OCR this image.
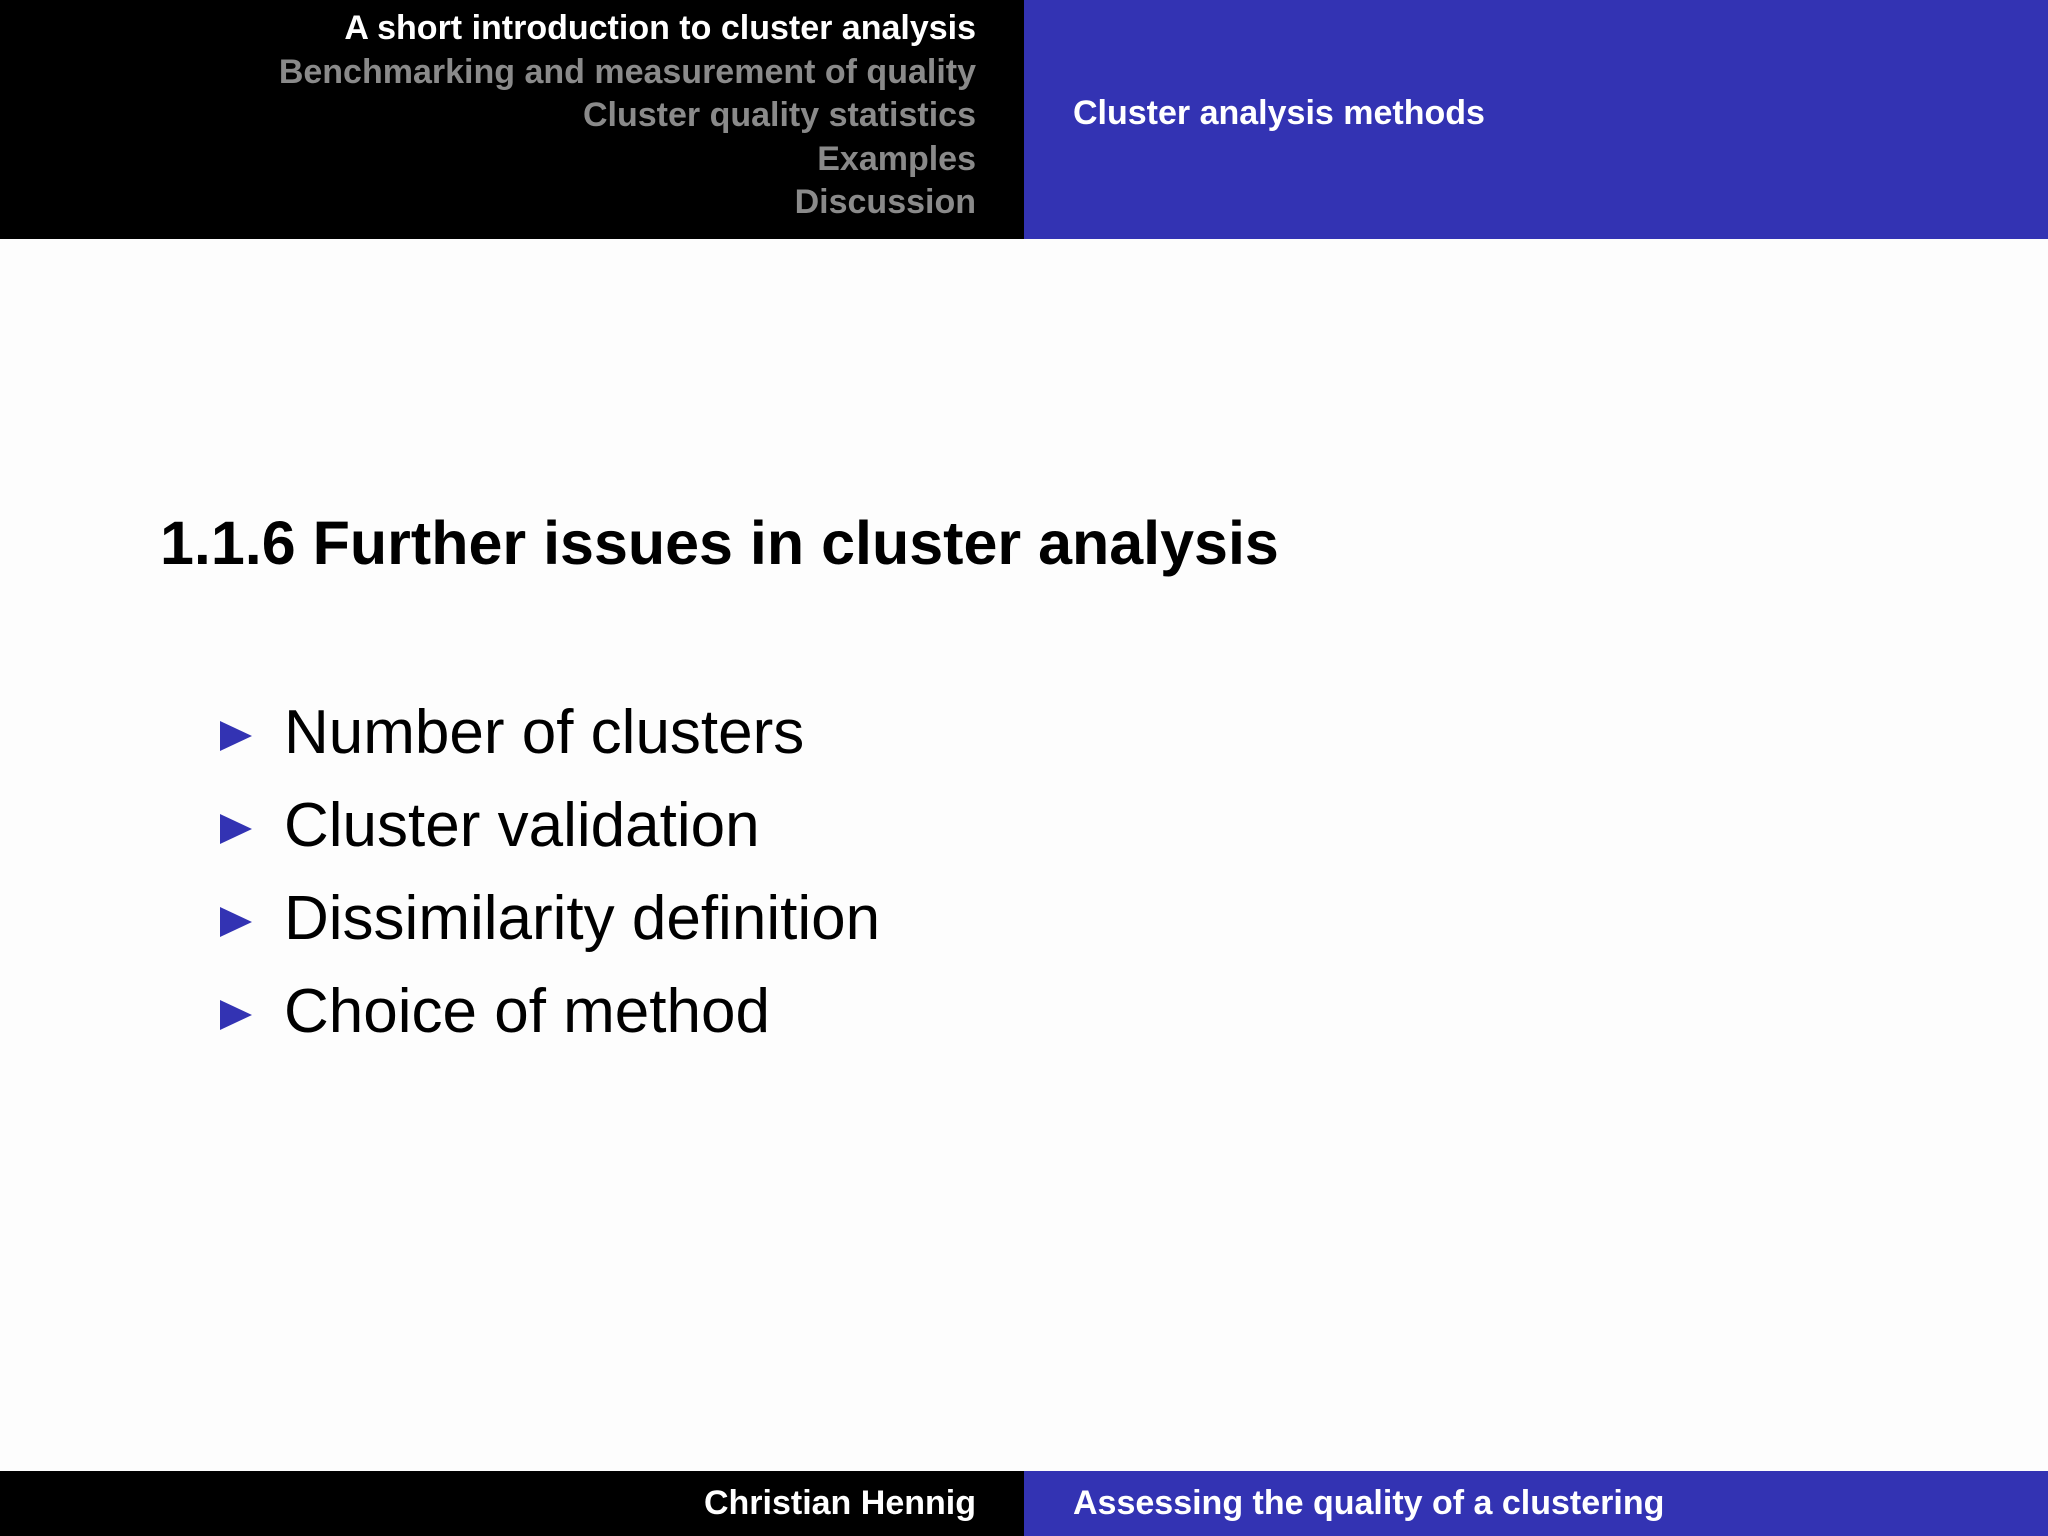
A short introduction to cluster analysis
Benchmarking and measurement of quality
Cluster quality statistics
Examples
Discussion
Cluster analysis methods
1.1.6 Further issues in cluster analysis
Number of clusters
Cluster validation
Dissimilarity definition
Choice of method
Christian Hennig	Assessing the quality of a clustering
